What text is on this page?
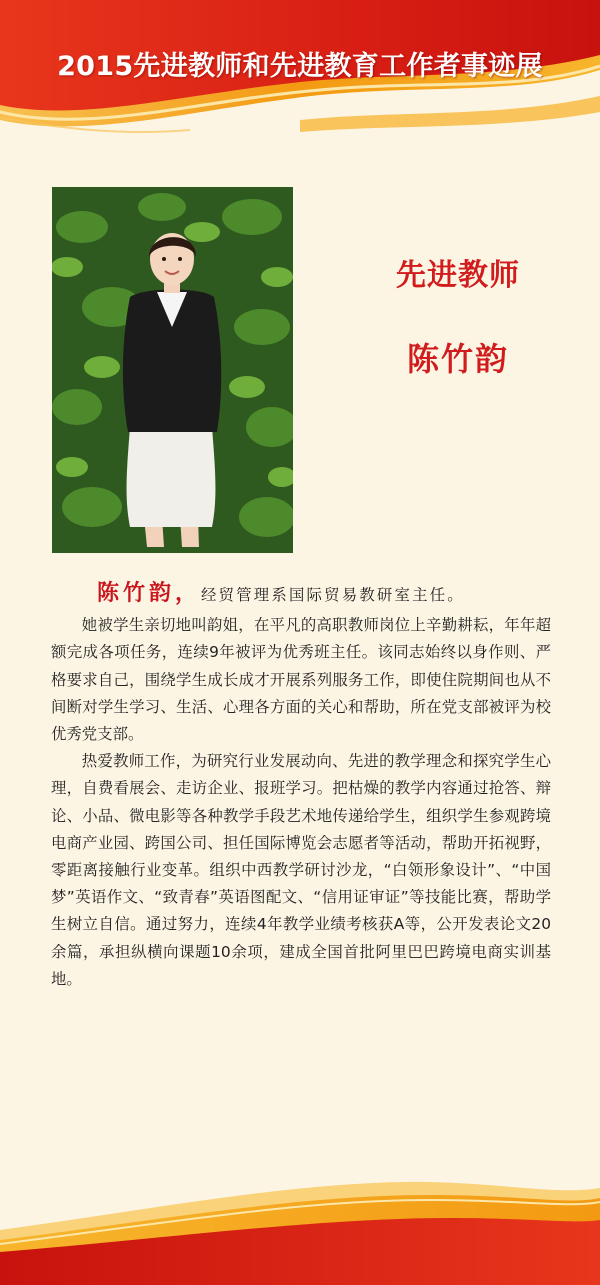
2015先进教师和先进教育工作者事迹展
先进教师
陈竹韵
陈竹韵，经贸管理系国际贸易教研室主任。

她被学生亲切地叫韵姐，在平凡的高职教师岗位上辛勤耕耘，年年超额完成各项任务，连续9年被评为优秀班主任。该同志始终以身作则、严格要求自己，围绕学生成长成才开展系列服务工作，即使住院期间也从不间断对学生学习、生活、心理各方面的关心和帮助，所在党支部被评为校优秀党支部。

热爱教师工作，为研究行业发展动向、先进的教学理念和探究学生心理，自费看展会、走访企业、报班学习。把枯燥的教学内容通过抢答、辩论、小品、微电影等各种教学手段艺术地传递给学生，组织学生参观跨境电商产业园、跨国公司、担任国际博览会志愿者等活动，帮助开拓视野，零距离接触行业变革。组织中西教学研讨沙龙，“白领形象设计”、“中国梦”英语作文、“致青春”英语图配文、“信用证审证”等技能比赛，帮助学生树立自信。通过努力，连续4年教学业绩考核获A等，公开发表论文20余篇，承担纵横向课题10余项，建成全国首批阿里巴巴跨境电商实训基地。
